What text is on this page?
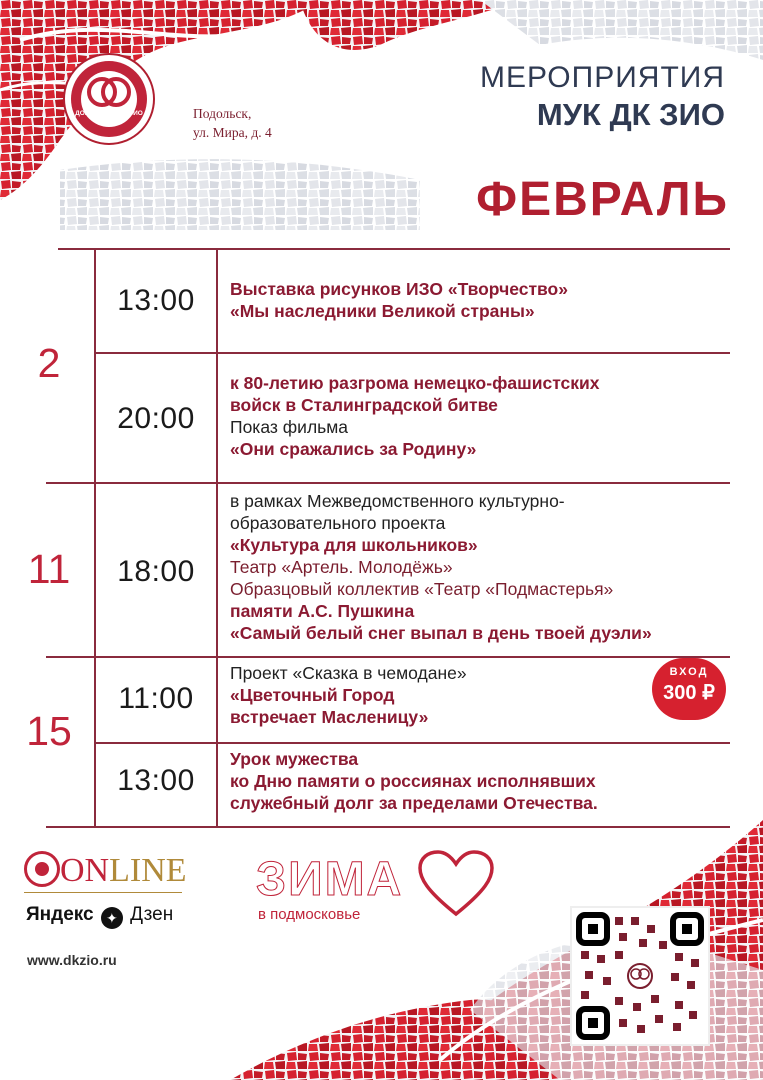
ДОМ КУЛЬТУРЫ ЗИО	Подольск,
ул. Мира, д. 4
МЕРОПРИЯТИЯ
МУК ДК ЗИО
ФЕВРАЛЬ
2
11
15
13:00
20:00
18:00
11:00
13:00
Выставка рисунков ИЗО «Творчество»
«Мы наследники Великой страны»
к 80-летию разгрома немецко-фашистских
войск в Сталинградской битве
Показ фильма
«Они сражались за Родину»
в рамках Межведомственного культурно-
образовательного проекта
«Культура для школьников»
Театр «Артель. Молодёжь»
Образцовый коллектив «Театр «Подмастерья»
памяти А.С. Пушкина
«Самый белый снег выпал в день твоей дуэли»
Проект «Сказка в чемодане»
«Цветочный Город
встречает Масленицу»
Урок мужества
ко Дню памяти о россиянах исполнявших
служебный долг за пределами Отечества.
ВХОД
300 ₽
ONLINE
Яндекс ✦ Дзен
www.dkzio.ru
ЗИМА
в подмосковье
